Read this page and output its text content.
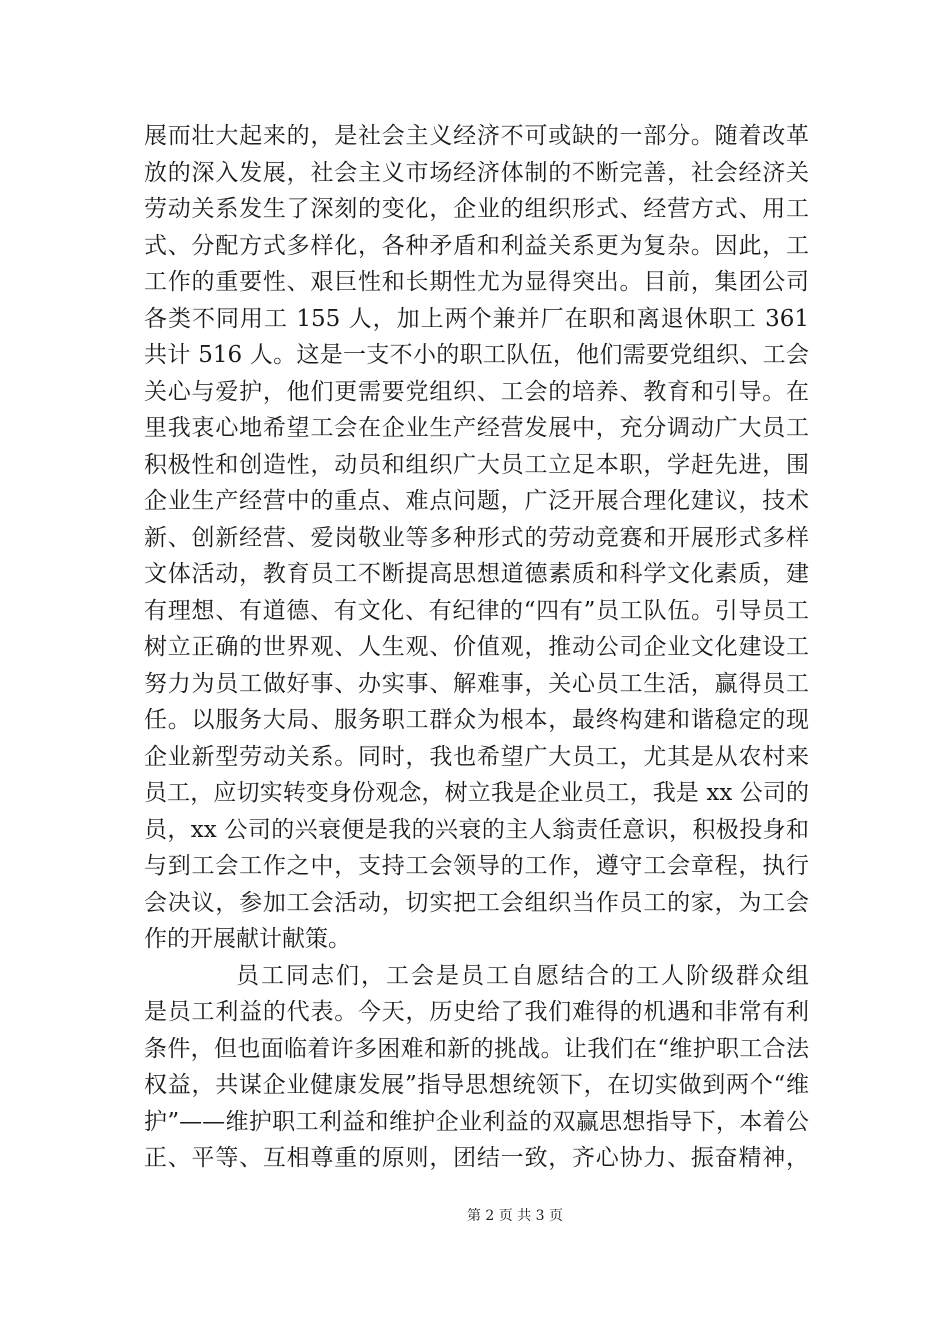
展而壮大起来的，是社会主义经济不可或缺的一部分。随着改革
放的深入发展，社会主义市场经济体制的不断完善，社会经济关
劳动关系发生了深刻的变化，企业的组织形式、经营方式、用工
式、分配方式多样化，各种矛盾和利益关系更为复杂。因此，工
工作的重要性、艰巨性和长期性尤为显得突出。目前，集团公司
各类不同用工 155 人，加上两个兼并厂在职和离退休职工 361
共计 516 人。这是一支不小的职工队伍，他们需要党组织、工会
关心与爱护，他们更需要党组织、工会的培养、教育和引导。在
里我衷心地希望工会在企业生产经营发展中，充分调动广大员工
积极性和创造性，动员和组织广大员工立足本职，学赶先进，围
企业生产经营中的重点、难点问题，广泛开展合理化建议，技术
新、创新经营、爱岗敬业等多种形式的劳动竞赛和开展形式多样
文体活动，教育员工不断提高思想道德素质和科学文化素质，建
有理想、有道德、有文化、有纪律的“四有”员工队伍。引导员工
树立正确的世界观、人生观、价值观，推动公司企业文化建设工
努力为员工做好事、办实事、解难事，关心员工生活，赢得员工
任。以服务大局、服务职工群众为根本，最终构建和谐稳定的现
企业新型劳动关系。同时，我也希望广大员工，尤其是从农村来
员工，应切实转变身份观念，树立我是企业员工，我是 xx 公司的
员，xx 公司的兴衰便是我的兴衰的主人翁责任意识，积极投身和
与到工会工作之中，支持工会领导的工作，遵守工会章程，执行
会决议，参加工会活动，切实把工会组织当作员工的家，为工会
作的开展献计献策。
员工同志们，工会是员工自愿结合的工人阶级群众组
是员工利益的代表。今天，历史给了我们难得的机遇和非常有利
条件，但也面临着许多困难和新的挑战。让我们在“维护职工合法
权益，共谋企业健康发展”指导思想统领下，在切实做到两个“维
护”——维护职工利益和维护企业利益的双赢思想指导下，本着公
正、平等、互相尊重的原则，团结一致，齐心协力、振奋精神，
第 2 页 共 3 页
